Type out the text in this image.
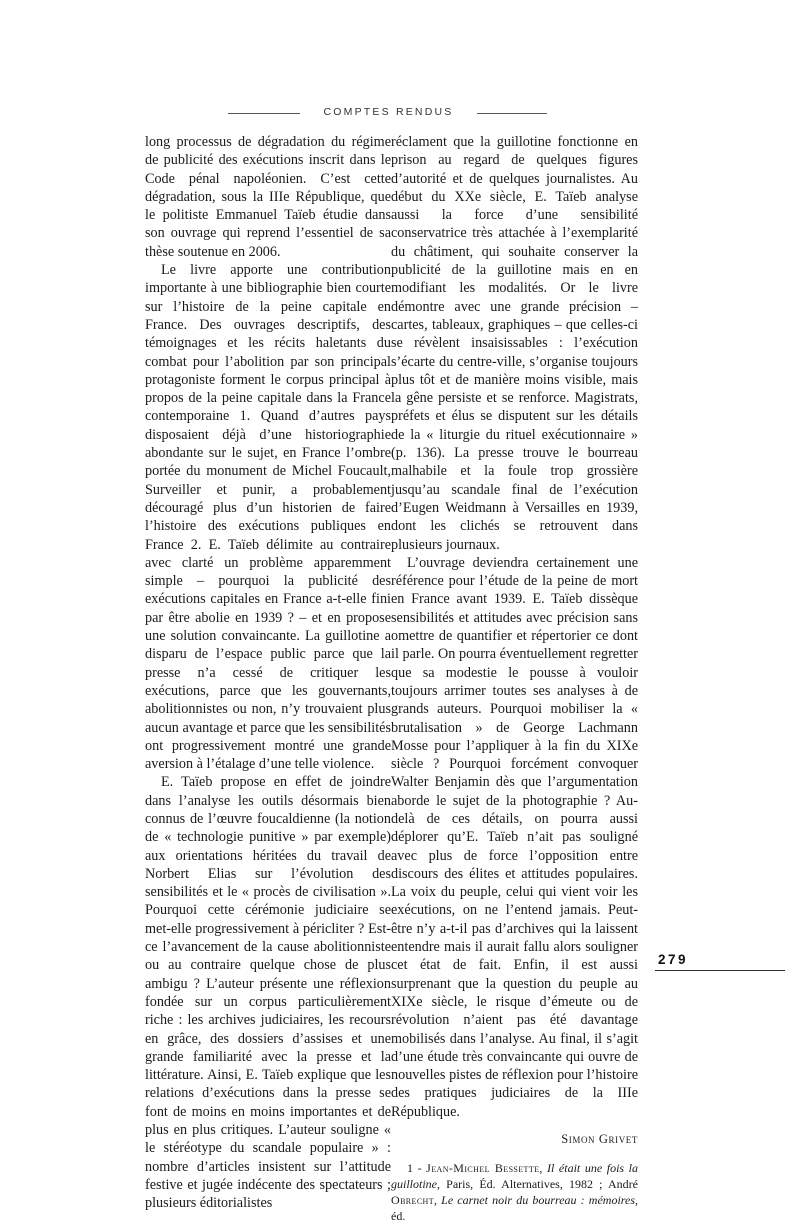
COMPTES RENDUS

long processus de dégradation du régime de publicité des exécutions inscrit dans le Code pénal napoléonien. C’est cette dégradation, sous la IIIe République, que le politiste Emmanuel Taïeb étudie dans son ouvrage qui reprend l’essentiel de sa thèse soutenue en 2006.

Le livre apporte une contribution importante à une bibliographie bien courte sur l’histoire de la peine capitale en France. Des ouvrages descriptifs, des témoignages et les récits haletants du combat pour l’abolition par son principal protagoniste forment le corpus principal à propos de la peine capitale dans la France contemporaine 1. Quand d’autres pays disposaient déjà d’une historiographie abondante sur le sujet, en France l’ombre portée du monument de Michel Foucault, Surveiller et punir, a probablement découragé plus d’un historien de faire l’histoire des exécutions publiques en France 2. E. Taïeb délimite au contraire avec clarté un problème apparemment simple – pourquoi la publicité des exécutions capitales en France a-t-elle fini par être abolie en 1939 ? – et en propose une solution convaincante. La guillotine a disparu de l’espace public parce que la presse n’a cessé de critiquer les exécutions, parce que les gouvernants, abolitionnistes ou non, n’y trouvaient plus aucun avantage et parce que les sensibilités ont progressivement montré une grande aversion à l’étalage d’une telle violence.

E. Taïeb propose en effet de joindre dans l’analyse les outils désormais bien connus de l’œuvre foucaldienne (la notion de « technologie punitive » par exemple) aux orientations héritées du travail de Norbert Elias sur l’évolution des sensibilités et le « procès de civilisation ». Pourquoi cette cérémonie judiciaire se met-elle progressivement à péricliter ? Est-ce l’avancement de la cause abolitionniste ou au contraire quelque chose de plus ambigu ? L’auteur présente une réflexion fondée sur un corpus particulièrement riche : les archives judiciaires, les recours en grâce, des dossiers d’assises et une grande familiarité avec la presse et la littérature. Ainsi, E. Taïeb explique que les relations d’exécutions dans la presse se font de moins en moins importantes et de plus en plus critiques. L’auteur souligne « le stéréotype du scandale populaire » : nombre d’articles insistent sur l’attitude festive et jugée indécente des spectateurs ; plusieurs éditorialistes

réclament que la guillotine fonctionne en prison au regard de quelques figures d’autorité et de quelques journalistes. Au début du XXe siècle, E. Taïeb analyse aussi la force d’une sensibilité conservatrice très attachée à l’exemplarité du châtiment, qui souhaite conserver la publicité de la guillotine mais en en modifiant les modalités. Or le livre démontre avec une grande précision – cartes, tableaux, graphiques – que celles-ci se révèlent insaisissables : l’exécution s’écarte du centre-ville, s’organise toujours plus tôt et de manière moins visible, mais la gêne persiste et se renforce. Magistrats, préfets et élus se disputent sur les détails de la « liturgie du rituel exécutionnaire » (p. 136). La presse trouve le bourreau malhabile et la foule trop grossière jusqu’au scandale final de l’exécution d’Eugen Weidmann à Versailles en 1939, dont les clichés se retrouvent dans plusieurs journaux.

L’ouvrage deviendra certainement une référence pour l’étude de la peine de mort en France avant 1939. E. Taïeb dissèque sensibilités et attitudes avec précision sans omettre de quantifier et répertorier ce dont il parle. On pourra éventuellement regretter que sa modestie le pousse à vouloir toujours arrimer toutes ses analyses à de grands auteurs. Pourquoi mobiliser la « brutalisation » de George Lachmann Mosse pour l’appliquer à la fin du XIXe siècle ? Pourquoi forcément convoquer Walter Benjamin dès que l’argumentation aborde le sujet de la photographie ? Au-delà de ces détails, on pourra aussi déplorer qu’E. Taïeb n’ait pas souligné avec plus de force l’opposition entre discours des élites et attitudes populaires. La voix du peuple, celui qui vient voir les exécutions, on ne l’entend jamais. Peut-être n’y a-t-il pas d’archives qui la laissent entendre mais il aurait fallu alors souligner cet état de fait. Enfin, il est aussi surprenant que la question du peuple au XIXe siècle, le risque d’émeute ou de révolution n’aient pas été davantage mobilisés dans l’analyse. Au final, il s’agit d’une étude très convaincante qui ouvre de nouvelles pistes de réflexion pour l’histoire des pratiques judiciaires de la IIIe République.

Simon Grivet

1 - Jean-Michel Bessette, Il était une fois la guillotine, Paris, Éd. Alternatives, 1982 ; André Obrecht, Le carnet noir du bourreau : mémoires, éd.

279
